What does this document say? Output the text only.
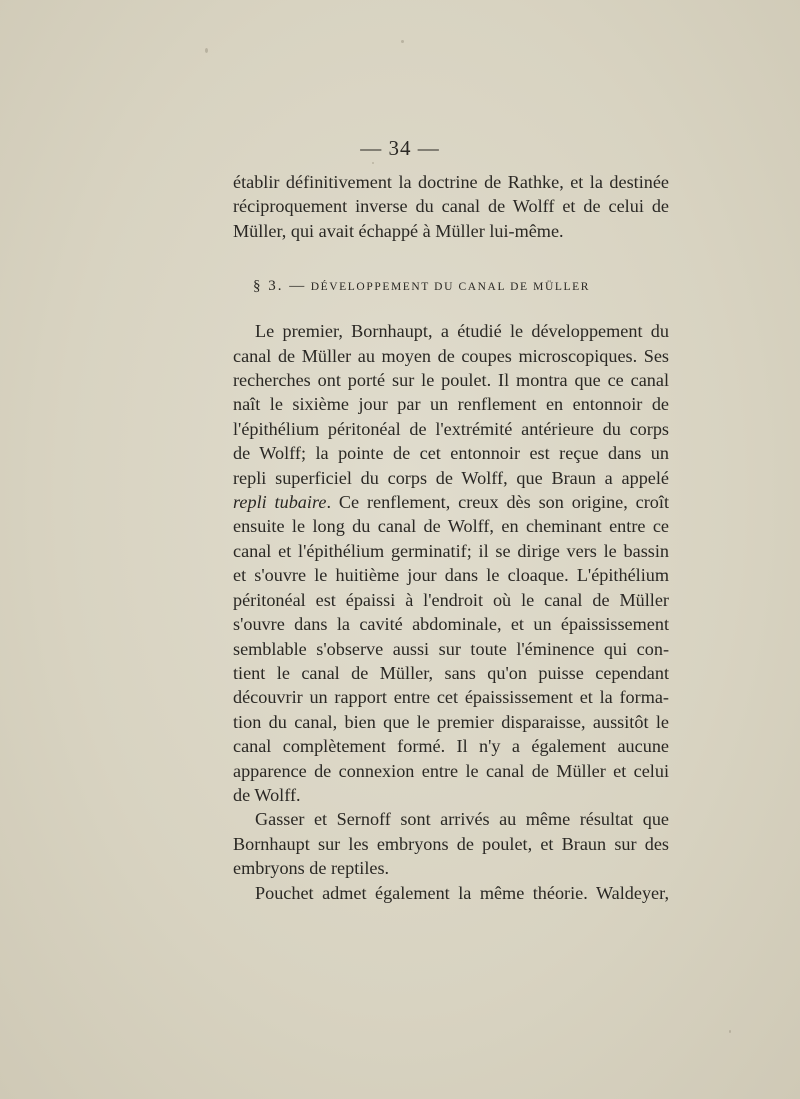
— 34 —

établir définitivement la doctrine de Rathke, et la destinée
réciproquement inverse du canal de Wolff et de celui de

Müller, qui avait échappé à Müller lui-même.

§ 3. — DÉVELOPPEMENT DU CANAL DE MÜLLER

Le premier, Bornhaupt, a étudié le développement du

canal de Müller au moyen de coupes microscopiques. Ses
recherches ont porté sur le poulet. Il montra que ce canal
naît le sixième jour par un renflement en entonnoir de
l'épithélium péritonéal de l'extrémité antérieure du corps
de Wolff; la pointe de cet entonnoir est reçue dans un
repli superficiel du corps de Wolff, que Braun a appelé
repli tubaire. Ce renflement, creux dès son origine, croît
ensuite le long du canal de Wolff, en cheminant entre ce
canal et l'épithélium germinatif; il se dirige vers le bassin
et s'ouvre le huitième jour dans le cloaque. L'épithélium
péritonéal est épaissi à l'endroit où le canal de Müller
s'ouvre dans la cavité abdominale, et un épaississement
semblable s'observe aussi sur toute l'éminence qui con-
tient le canal de Müller, sans qu'on puisse cependant
découvrir un rapport entre cet épaississement et la forma-
tion du canal, bien que le premier disparaisse, aussitôt le
canal complètement formé. Il n'y a également aucune
apparence de connexion entre le canal de Müller et celui

de Wolff.

Gasser et Sernoff sont arrivés au même résultat que

Bornhaupt sur les embryons de poulet, et Braun sur des

embryons de reptiles.

Pouchet admet également la même théorie. Waldeyer,
